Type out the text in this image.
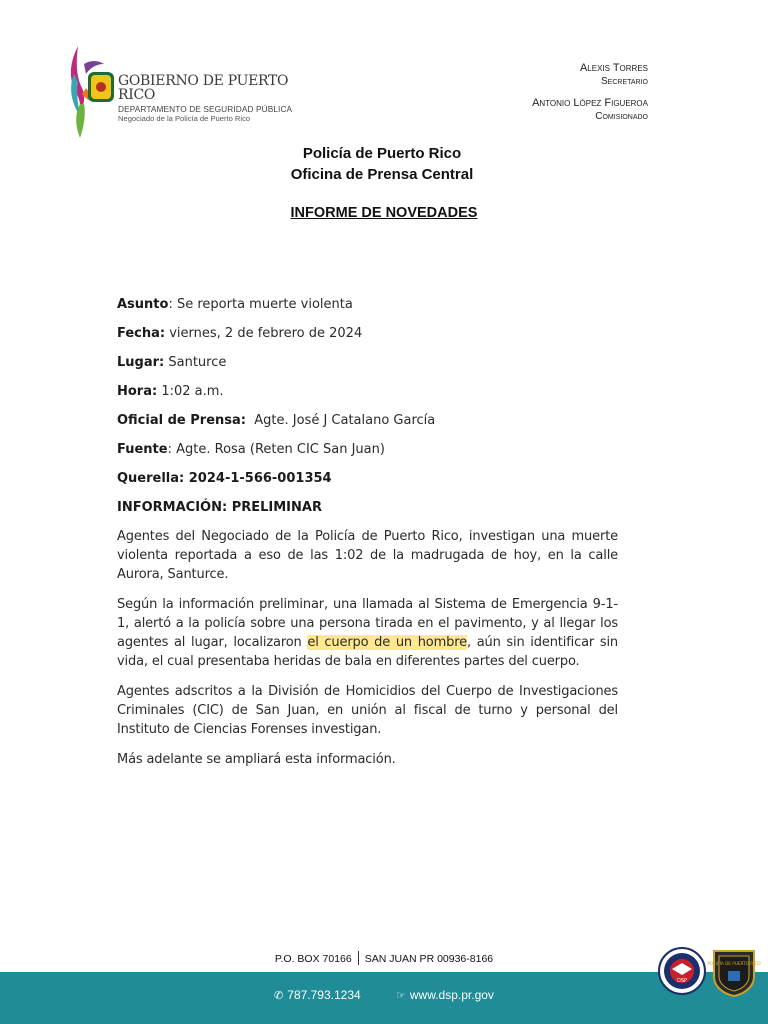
GOBIERNO DE PUERTO RICO
DEPARTAMENTO DE SEGURIDAD PÚBLICA
Negociado de la Policía de Puerto Rico
Alexis Torres
Secretario
Antonio López Figueroa
Comisionado
Policía de Puerto Rico
Oficina de Prensa Central
INFORME DE NOVEDADES
Asunto: Se reporta muerte violenta
Fecha: viernes, 2 de febrero de 2024
Lugar: Santurce
Hora: 1:02 a.m.
Oficial de Prensa:  Agte. José J Catalano García
Fuente: Agte. Rosa (Reten CIC San Juan)
Querella: 2024-1-566-001354
INFORMACIÓN: PRELIMINAR

Agentes del Negociado de la Policía de Puerto Rico, investigan una muerte violenta reportada a eso de las 1:02 de la madrugada de hoy, en la calle Aurora, Santurce.

Según la información preliminar, una llamada al Sistema de Emergencia 9-1-1, alertó a la policía sobre una persona tirada en el pavimento, y al llegar los agentes al lugar, localizaron el cuerpo de un hombre, aún sin identificar sin vida, el cual presentaba heridas de bala en diferentes partes del cuerpo.

Agentes adscritos a la División de Homicidios del Cuerpo de Investigaciones Criminales (CIC) de San Juan, en unión al fiscal de turno y personal del Instituto de Ciencias Forenses investigan.

Más adelante se ampliará esta información.

P.O. BOX 70166 SAN JUAN PR 00936-8166
✆ 787.793.1234	☞ www.dsp.pr.gov
DSP
POLICÍA DE PUERTO RICO
